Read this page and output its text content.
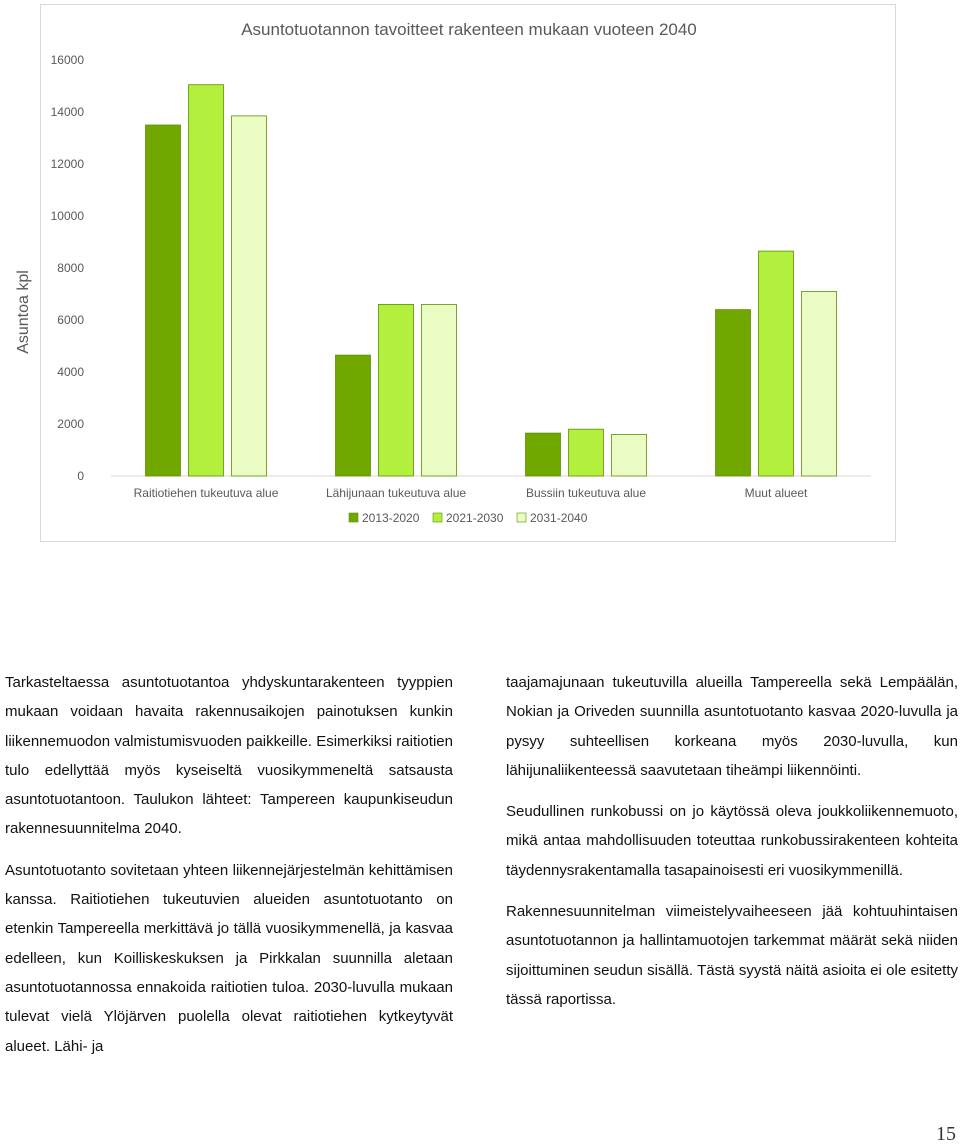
Asuntotuotannon tavoitteet rakenteen mukaan vuoteen 2040
0
2000
4000
6000
8000
10000
12000
14000
16000
Asuntoa kpl
Raitiotiehen tukeutuva alue	Lähijunaan tukeutuva alue	Bussiin tukeutuva alue	Muut alueet
2013-2020 2021-2030 2031-2040

Tarkasteltaessa asuntotuotantoa yhdyskuntarakenteen tyyppien mukaan voidaan havaita rakennusaikojen painotuksen kunkin liikennemuodon valmistumisvuoden paikkeille. Esimerkiksi raitiotien tulo edellyttää myös kyseiseltä vuosikymmeneltä satsausta asuntotuotantoon. Taulukon lähteet: Tampereen kaupunkiseudun rakennesuunnitelma 2040.

Asuntotuotanto sovitetaan yhteen liikennejärjestelmän kehittämisen kanssa. Raitiotiehen tukeutuvien alueiden asuntotuotanto on etenkin Tampereella merkittävä jo tällä vuosikymmenellä, ja kasvaa edelleen, kun Koilliskeskuksen ja Pirkkalan suunnilla aletaan asuntotuotannossa ennakoida raitiotien tuloa. 2030-luvulla mukaan tulevat vielä Ylöjärven puolella olevat raitiotiehen kytkeytyvät alueet. Lähi- ja

taajamajunaan tukeutuvilla alueilla Tampereella sekä Lempäälän, Nokian ja Oriveden suunnilla asuntotuotanto kasvaa 2020-luvulla ja pysyy suhteellisen korkeana myös 2030-luvulla, kun lähijunaliikenteessä saavutetaan tiheämpi liikennöinti.

Seudullinen runkobussi on jo käytössä oleva joukkoliikennemuoto, mikä antaa mahdollisuuden toteuttaa runkobussirakenteen kohteita täydennysrakentamalla tasapainoisesti eri vuosikymmenillä.

Rakennesuunnitelman viimeistelyvaiheeseen jää kohtuuhintaisen asuntotuotannon ja hallintamuotojen tarkemmat määrät sekä niiden sijoittuminen seudun sisällä. Tästä syystä näitä asioita ei ole esitetty tässä raportissa.

15
